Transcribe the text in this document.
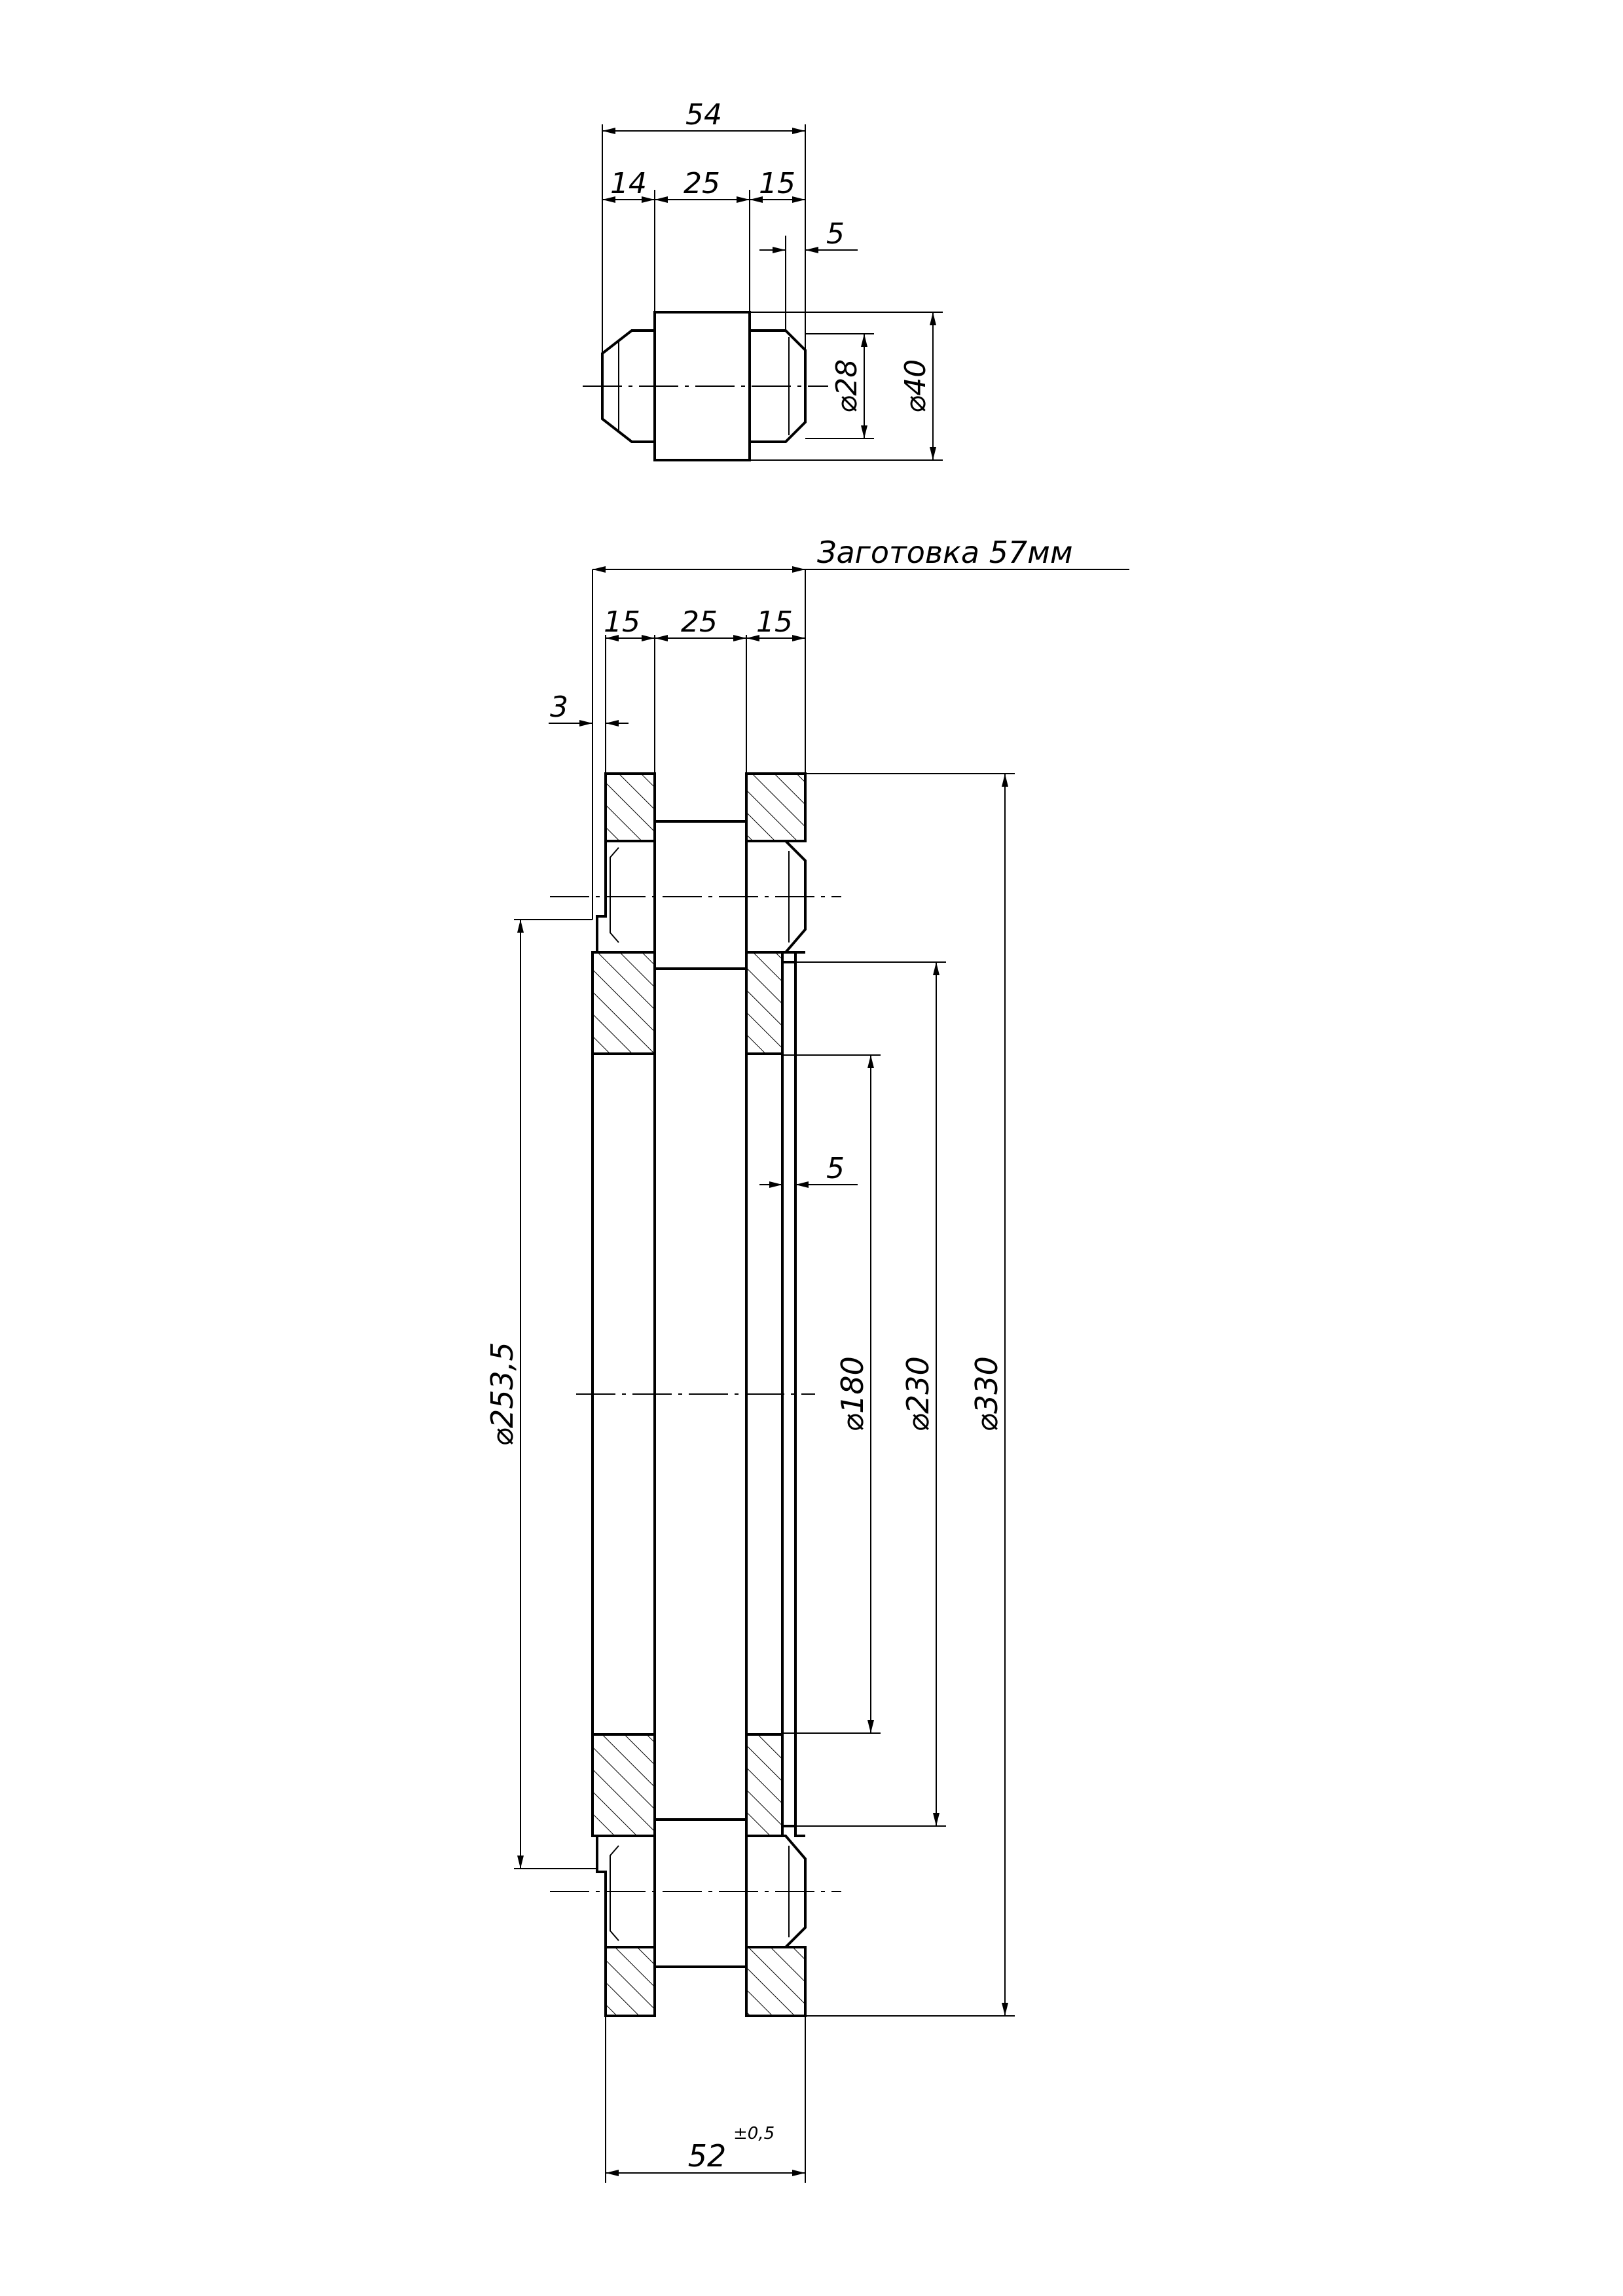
54
14 25 15
5
⌀28 ⌀40
Заготовка 57мм
15 25 15
3
5
⌀253,5	⌀180 ⌀230 ⌀330
52
±0,5
